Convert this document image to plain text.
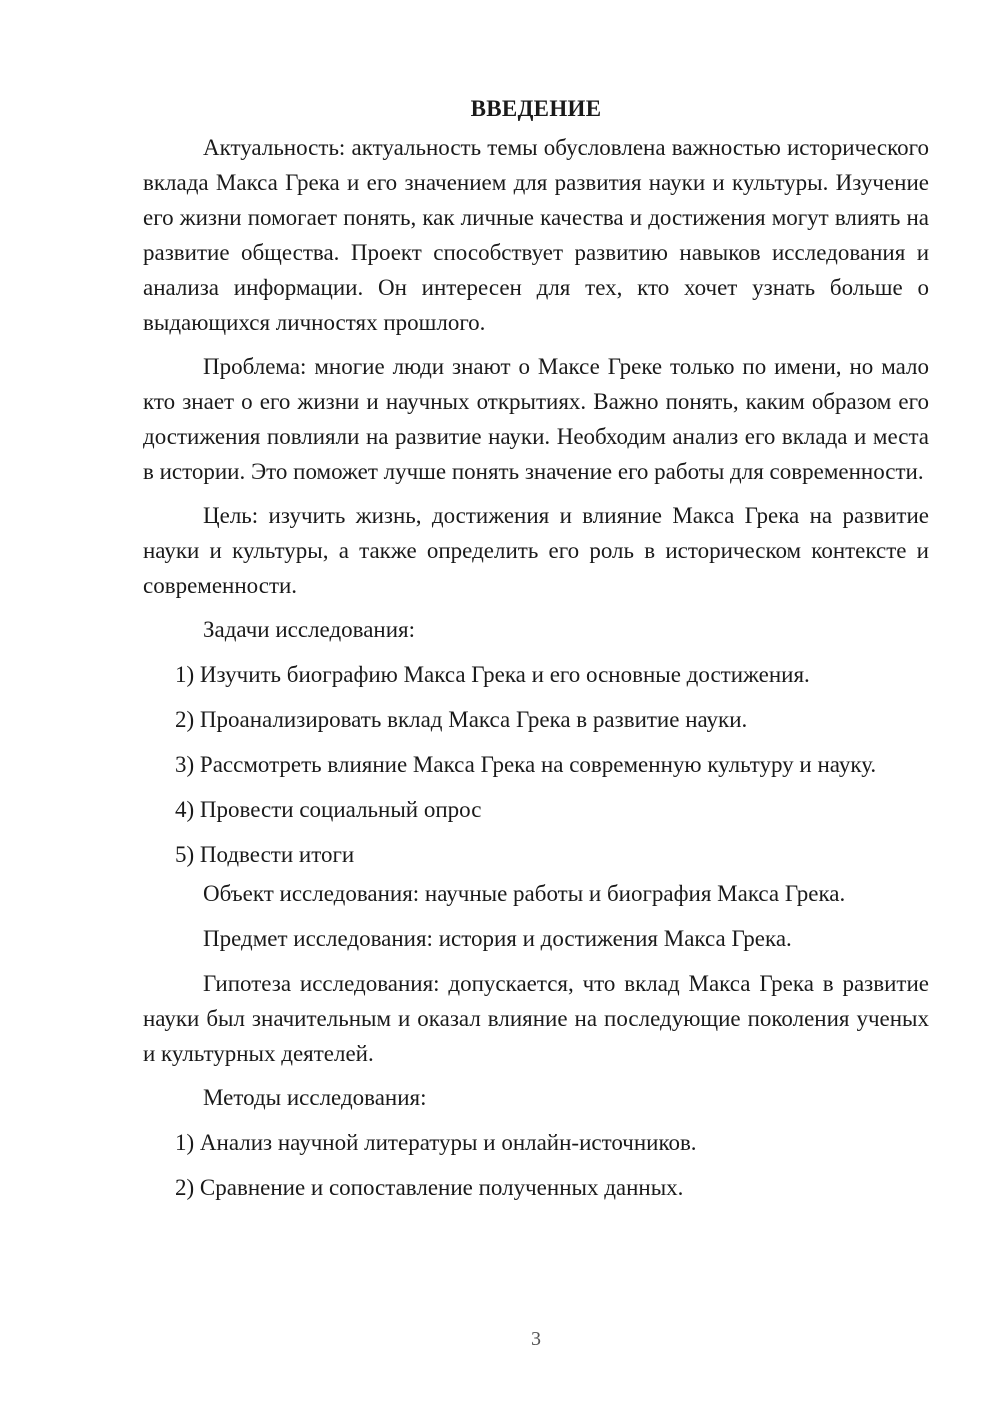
ВВЕДЕНИЕ

Актуальность: актуальность темы обусловлена важностью исторического вклада Макса Грека и его значением для развития науки и культуры. Изучение его жизни помогает понять, как личные качества и достижения могут влиять на развитие общества. Проект способствует развитию навыков исследования и анализа информации. Он интересен для тех, кто хочет узнать больше о выдающихся личностях прошлого.

Проблема: многие люди знают о Максе Греке только по имени, но мало кто знает о его жизни и научных открытиях. Важно понять, каким образом его достижения повлияли на развитие науки. Необходим анализ его вклада и места в истории. Это поможет лучше понять значение его работы для современности.

Цель: изучить жизнь, достижения и влияние Макса Грека на развитие науки и культуры, а также определить его роль в историческом контексте и современности.

Задачи исследования:

1) Изучить биографию Макса Грека и его основные достижения.

2) Проанализировать вклад Макса Грека в развитие науки.

3) Рассмотреть влияние Макса Грека на современную культуру и науку.

4) Провести социальный опрос

5) Подвести итоги

Объект исследования: научные работы и биография Макса Грека.

Предмет исследования: история и достижения Макса Грека.

Гипотеза исследования: допускается, что вклад Макса Грека в развитие науки был значительным и оказал влияние на последующие поколения ученых и культурных деятелей.

Методы исследования:

1) Анализ научной литературы и онлайн-источников.

2) Сравнение и сопоставление полученных данных.

3
